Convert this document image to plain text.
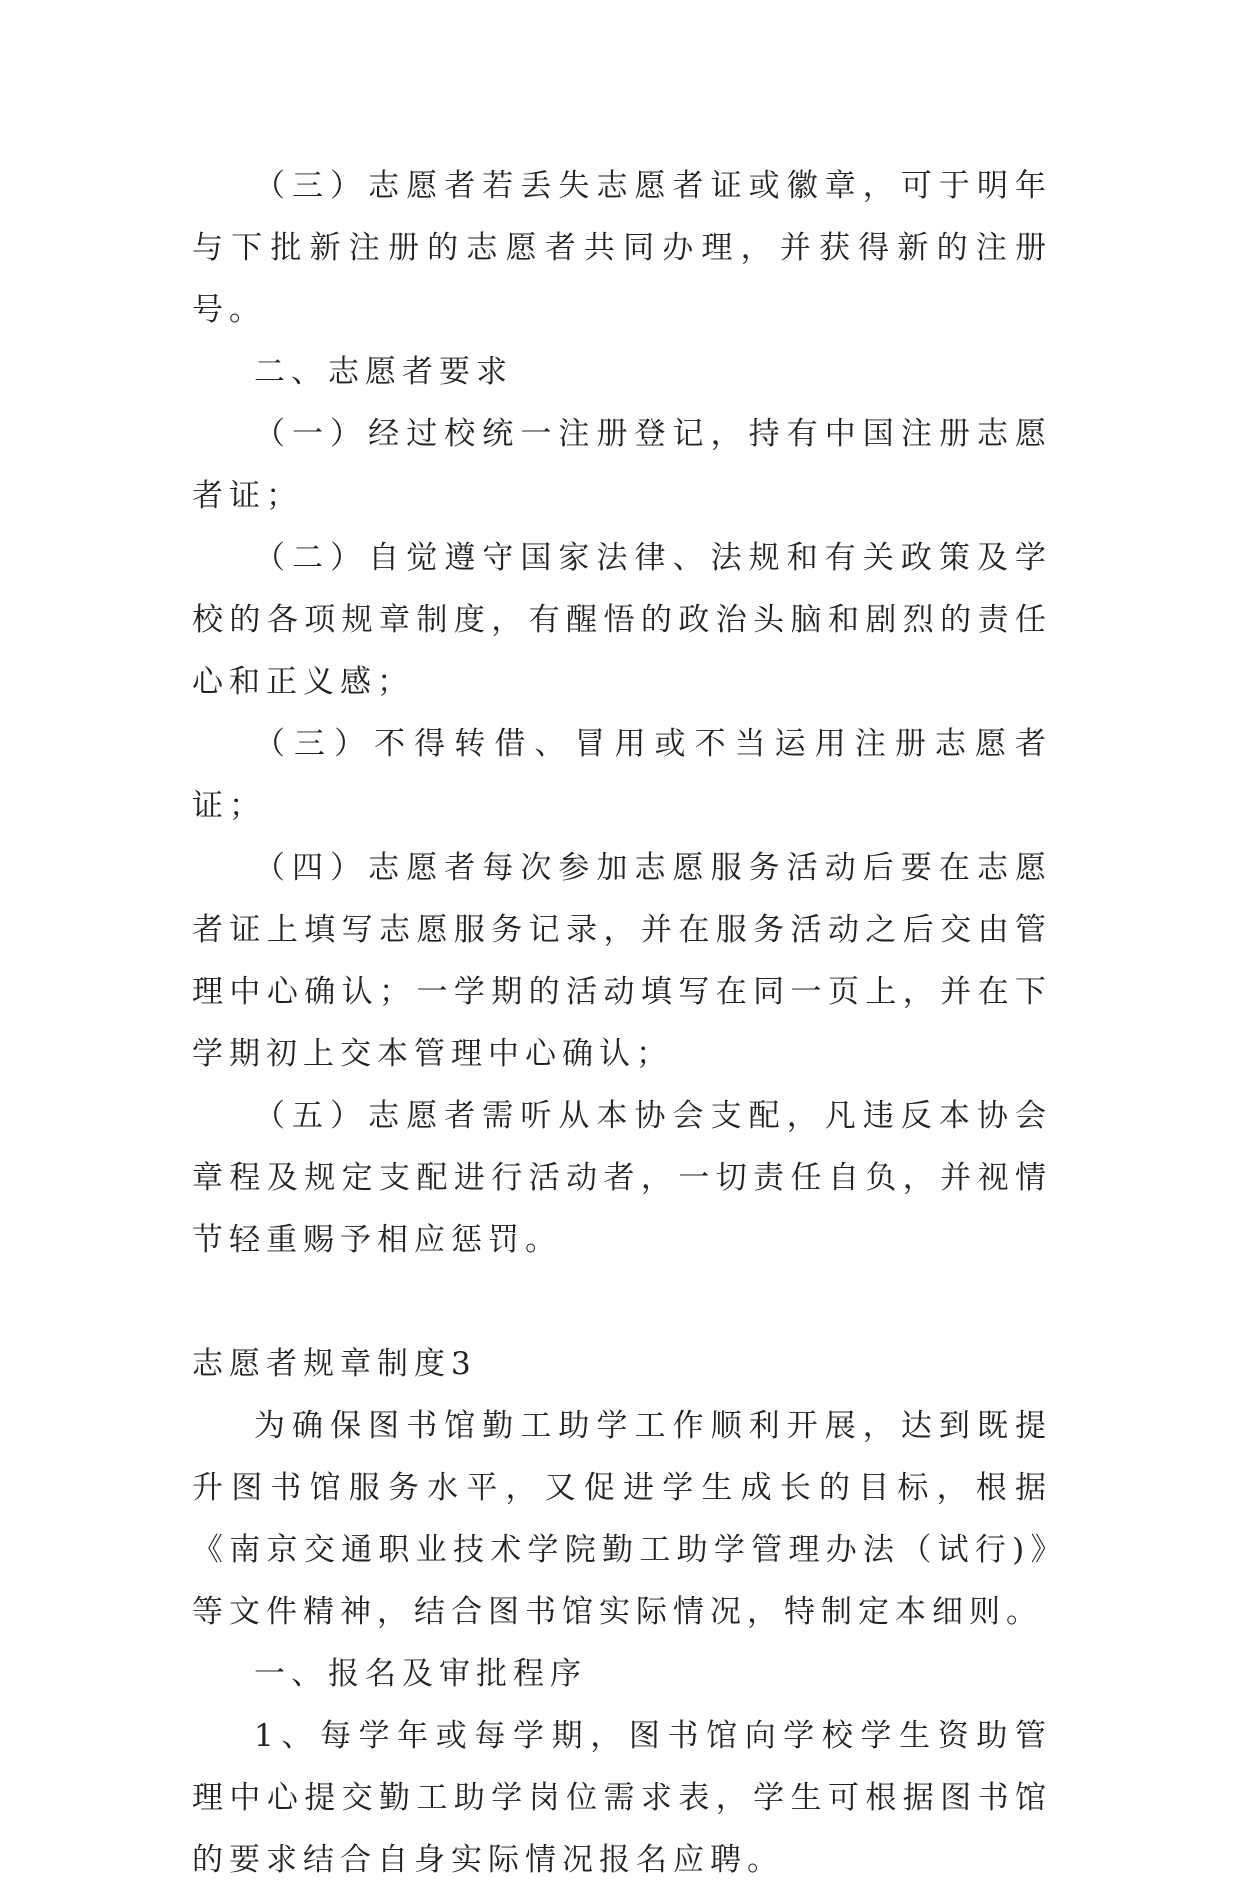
（三）志愿者若丢失志愿者证或徽章，可于明年与下批新注册的志愿者共同办理，并获得新的注册号。

二、志愿者要求

（一）经过校统一注册登记，持有中国注册志愿者证；

（二）自觉遵守国家法律、法规和有关政策及学校的各项规章制度，有醒悟的政治头脑和剧烈的责任心和正义感；

（三）不得转借、冒用或不当运用注册志愿者证；

（四）志愿者每次参加志愿服务活动后要在志愿者证上填写志愿服务记录，并在服务活动之后交由管理中心确认；一学期的活动填写在同一页上，并在下学期初上交本管理中心确认；

（五）志愿者需听从本协会支配，凡违反本协会章程及规定支配进行活动者，一切责任自负，并视情节轻重赐予相应惩罚。

志愿者规章制度3

为确保图书馆勤工助学工作顺利开展，达到既提升图书馆服务水平，又促进学生成长的目标，根据《南京交通职业技术学院勤工助学管理办法（试行)》等文件精神，结合图书馆实际情况，特制定本细则。

一、报名及审批程序

1、每学年或每学期，图书馆向学校学生资助管理中心提交勤工助学岗位需求表，学生可根据图书馆的要求结合自身实际情况报名应聘。
